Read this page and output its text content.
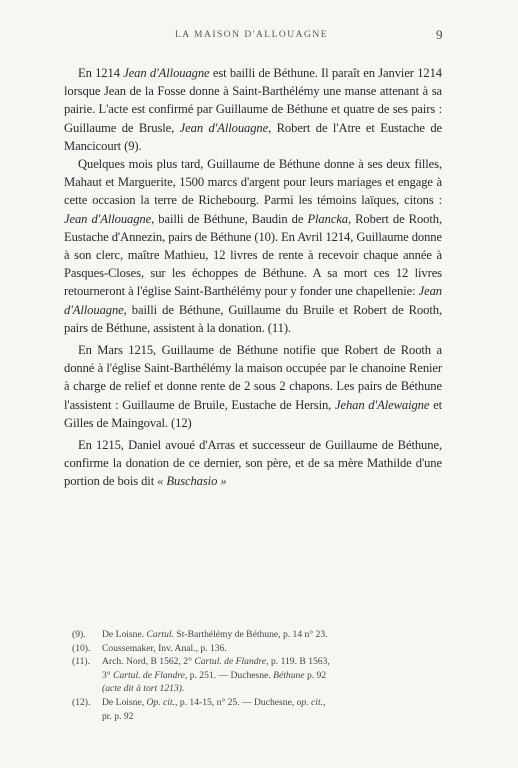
LA MAISON D'ALLOUAGNE	9

En 1214 Jean d'Allouagne est bailli de Béthune. Il paraît en Janvier 1214 lorsque Jean de la Fosse donne à Saint-Barthélémy une manse attenant à sa pairie. L'acte est confirmé par Guillaume de Béthune et quatre de ses pairs : Guillaume de Brusle, Jean d'Allouagne, Robert de l'Atre et Eustache de Mancicourt (9).

Quelques mois plus tard, Guillaume de Béthune donne à ses deux filles, Mahaut et Marguerite, 1500 marcs d'argent pour leurs mariages et engage à cette occasion la terre de Richebourg. Parmi les témoins laïques, citons : Jean d'Allouagne, bailli de Béthune, Baudin de Plancka, Robert de Rooth, Eustache d'Annezin, pairs de Béthune (10). En Avril 1214, Guillaume donne à son clerc, maître Mathieu, 12 livres de rente à recevoir chaque année à Pasques-Closes, sur les échoppes de Béthune. A sa mort ces 12 livres retourneront à l'église Saint-Barthélémy pour y fonder une chapellenie: Jean d'Allouagne, bailli de Béthune, Guillaume du Bruile et Robert de Rooth, pairs de Béthune, assistent à la donation. (11).

En Mars 1215, Guillaume de Béthune notifie que Robert de Rooth a donné à l'église Saint-Barthélémy la maison occupée par le chanoine Renier à charge de relief et donne rente de 2 sous 2 chapons. Les pairs de Béthune l'assistent : Guillaume de Bruile, Eustache de Hersin, Jehan d'Alewaigne et Gilles de Maingoval. (12)

En 1215, Daniel avoué d'Arras et successeur de Guillaume de Béthune, confirme la donation de ce dernier, son père, et de sa mère Mathilde d'une portion de bois dit « Buschasio »

(9). De Loisne. Cartul. St-Barthélémy de Béthune, p. 14 n° 23.
(10). Coussemaker, Inv. Anal., p. 136.
(11). Arch. Nord, B 1562, 2° Cartul. de Flandre, p. 119. B 1563,
3° Cartul. de Flandre, p. 251. — Duchesne. Béthune p. 92
(acte dit à tort 1213).
(12). De Loisne, Op. cit., p. 14-15, n° 25. — Duchesne, op. cit.,
pr. p. 92
